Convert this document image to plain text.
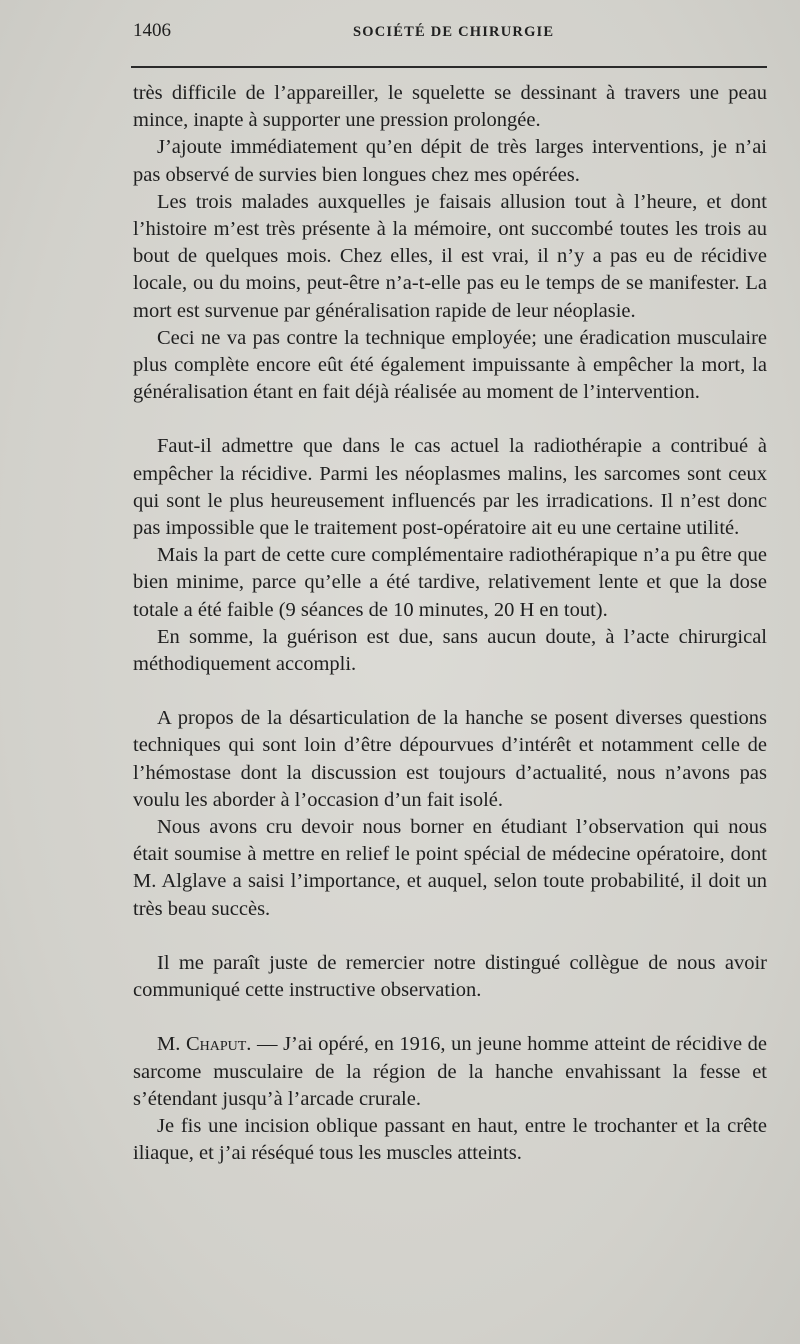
1406	SOCIÉTÉ DE CHIRURGIE

très difficile de l’appareiller, le squelette se dessinant à travers une peau mince, inapte à supporter une pression prolongée.

J’ajoute immédiatement qu’en dépit de très larges interventions, je n’ai pas observé de survies bien longues chez mes opérées.

Les trois malades auxquelles je faisais allusion tout à l’heure, et dont l’histoire m’est très présente à la mémoire, ont succombé toutes les trois au bout de quelques mois. Chez elles, il est vrai, il n’y a pas eu de récidive locale, ou du moins, peut-être n’a-t-elle pas eu le temps de se manifester. La mort est survenue par généralisation rapide de leur néoplasie.

Ceci ne va pas contre la technique employée; une éradication musculaire plus complète encore eût été également impuissante à empêcher la mort, la généralisation étant en fait déjà réalisée au moment de l’intervention.

Faut-il admettre que dans le cas actuel la radiothérapie a contribué à empêcher la récidive. Parmi les néoplasmes malins, les sarcomes sont ceux qui sont le plus heureusement influencés par les irradications. Il n’est donc pas impossible que le traitement post-opératoire ait eu une certaine utilité.

Mais la part de cette cure complémentaire radiothérapique n’a pu être que bien minime, parce qu’elle a été tardive, relativement lente et que la dose totale a été faible (9 séances de 10 minutes, 20 H en tout).

En somme, la guérison est due, sans aucun doute, à l’acte chirurgical méthodiquement accompli.

A propos de la désarticulation de la hanche se posent diverses questions techniques qui sont loin d’être dépourvues d’intérêt et notamment celle de l’hémostase dont la discussion est toujours d’actualité, nous n’avons pas voulu les aborder à l’occasion d’un fait isolé.

Nous avons cru devoir nous borner en étudiant l’observation qui nous était soumise à mettre en relief le point spécial de médecine opératoire, dont M. Alglave a saisi l’importance, et auquel, selon toute probabilité, il doit un très beau succès.

Il me paraît juste de remercier notre distingué collègue de nous avoir communiqué cette instructive observation.

M. Chaput. — J’ai opéré, en 1916, un jeune homme atteint de récidive de sarcome musculaire de la région de la hanche envahissant la fesse et s’étendant jusqu’à l’arcade crurale.

Je fis une incision oblique passant en haut, entre le trochanter et la crête iliaque, et j’ai réséqué tous les muscles atteints.
